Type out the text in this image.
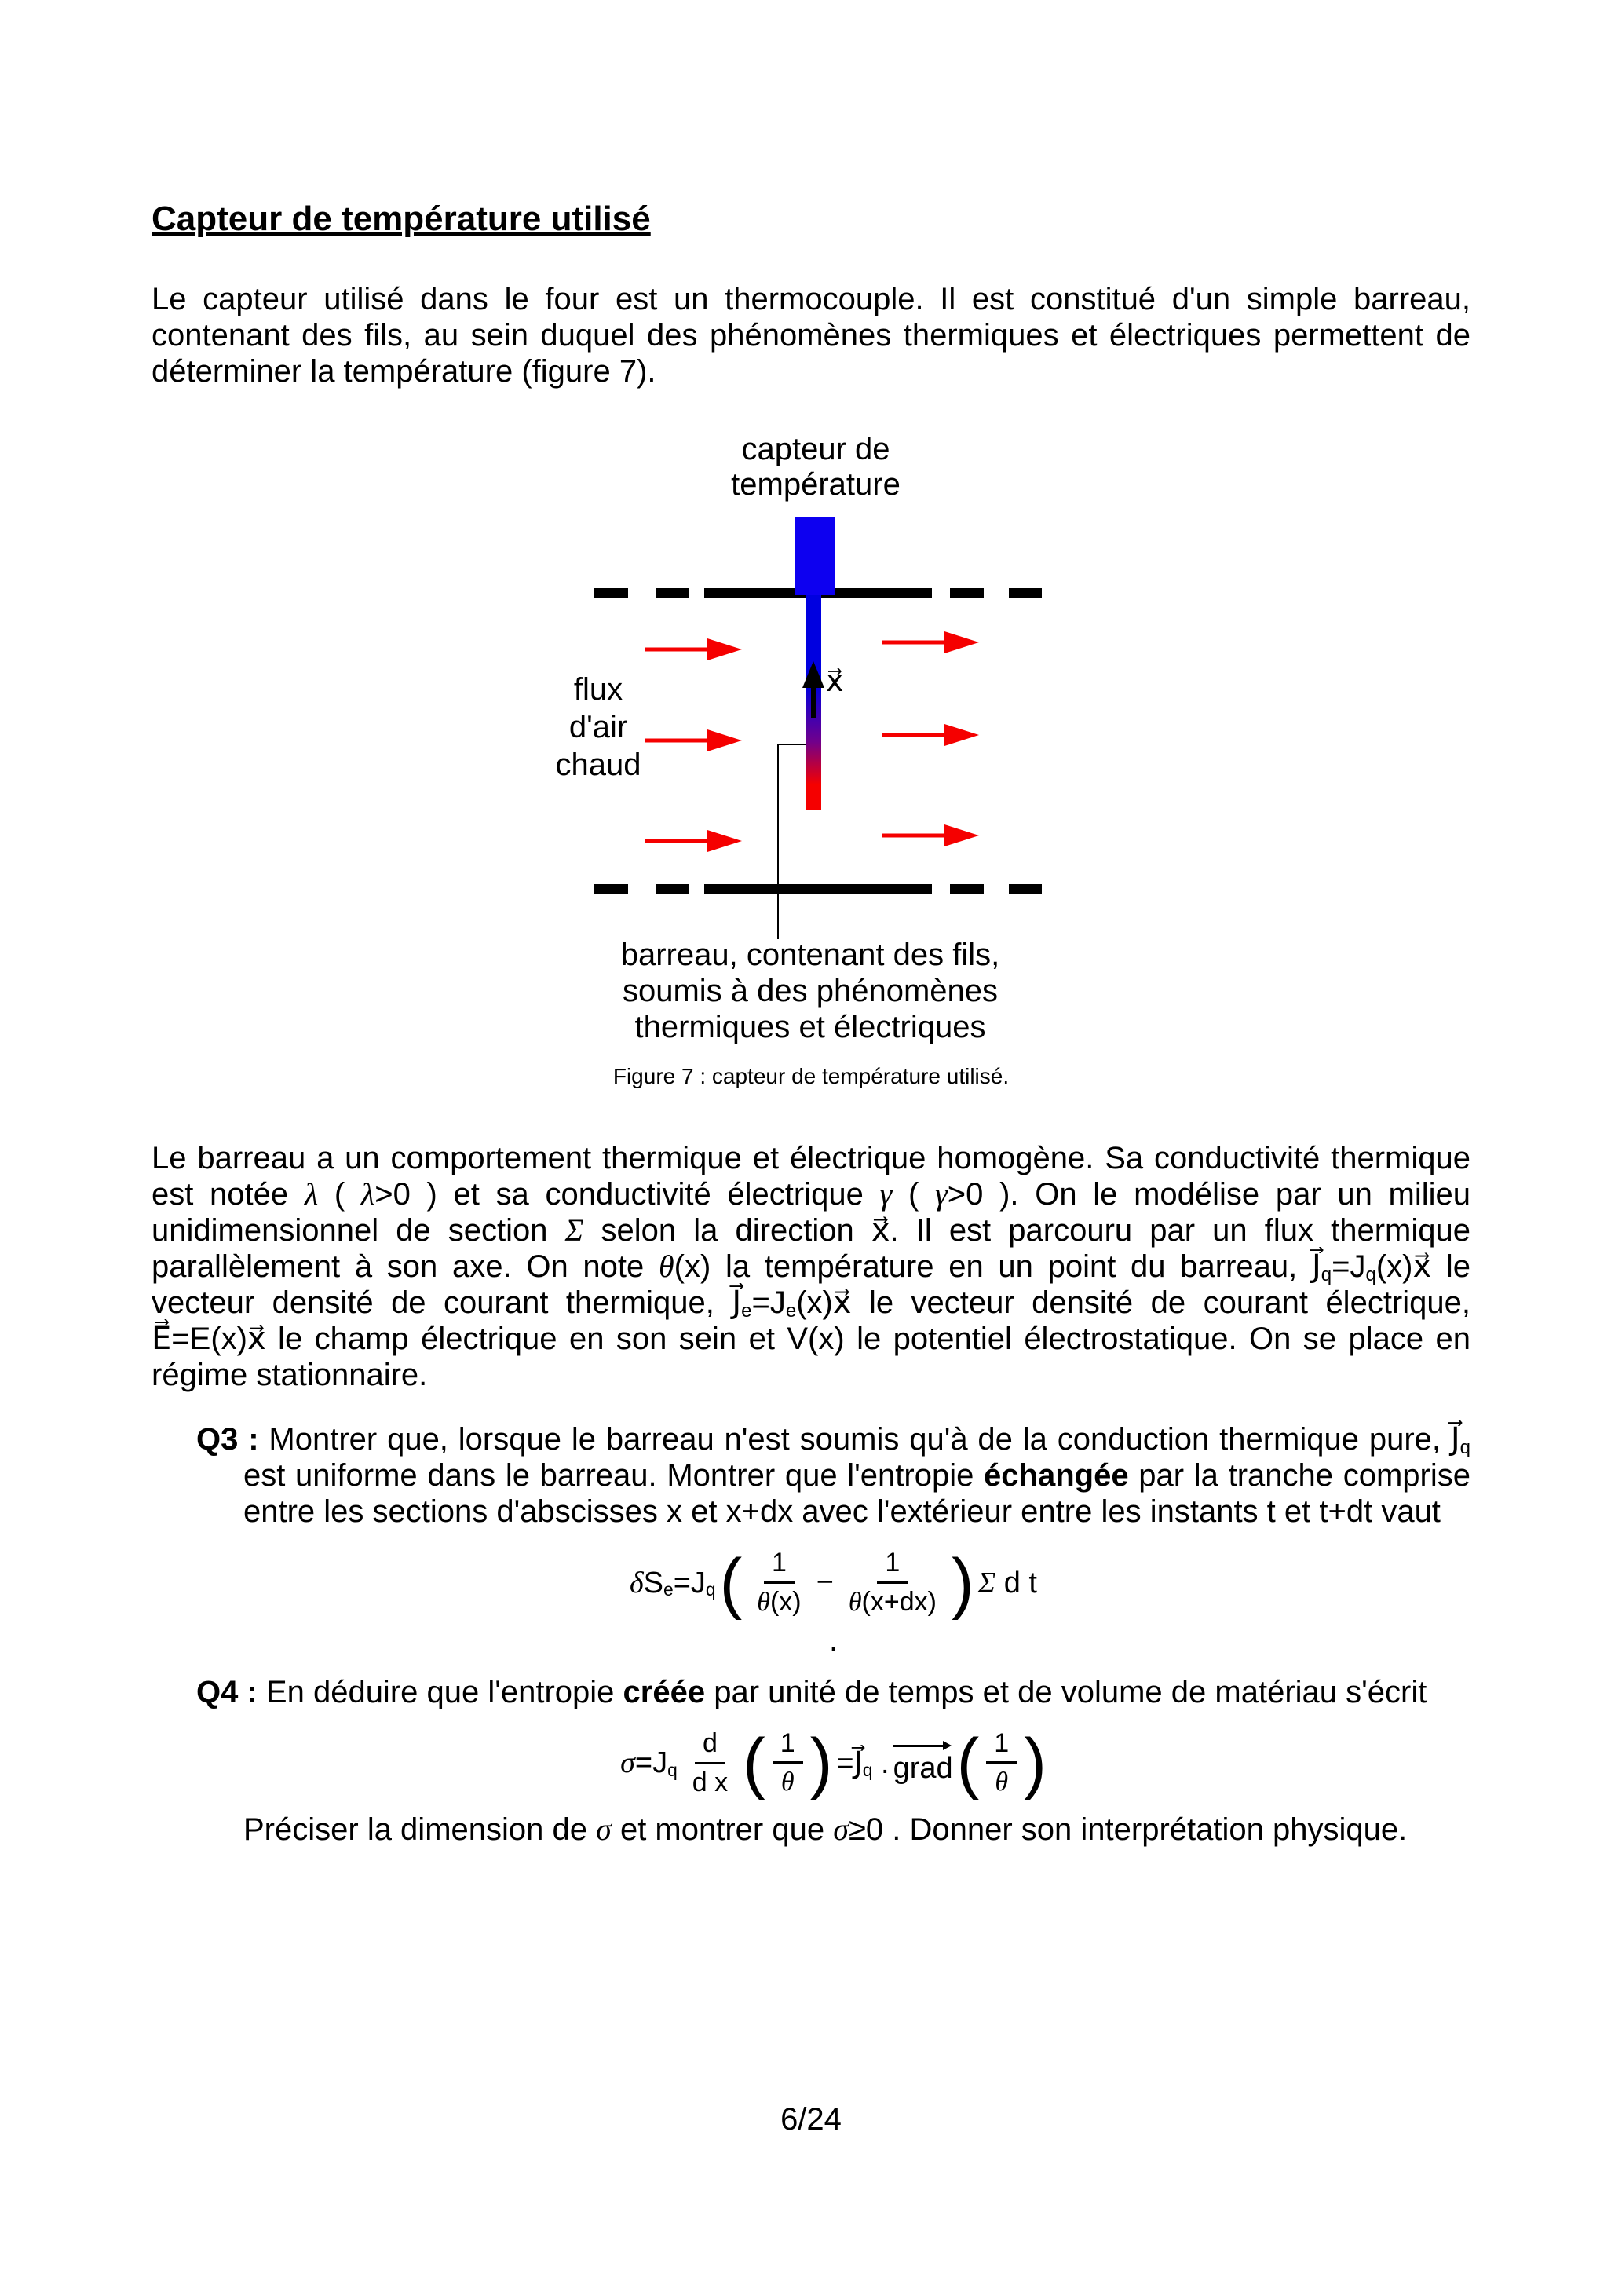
Capteur de température utilisé

Le capteur utilisé dans le four est un thermocouple. Il est constitué d'un simple barreau, contenant des fils, au sein duquel des phénomènes thermiques et électriques permettent de déterminer la température (figure 7).

capteur de
température
flux
d'air
chaud
x⃗
barreau, contenant des fils,
soumis à des phénomènes
thermiques et électriques
Figure 7 : capteur de température utilisé.

Le barreau a un comportement thermique et électrique homogène. Sa conductivité thermique est notée λ ( λ>0 ) et sa conductivité électrique γ ( γ>0 ). On le modélise par un milieu unidimensionnel de section Σ selon la direction x⃗. Il est parcouru par un flux thermique parallèlement à son axe. On note θ(x) la température en un point du barreau, $J⃗_q=J_q(x)x⃗$ le vecteur densité de courant thermique, $J⃗_e=J_e(x)x⃗$ le vecteur densité de courant électrique, E⃗=E(x)x⃗ le champ électrique en son sein et V(x) le potentiel électrostatique. On se place en régime stationnaire.

Q3 : Montrer que, lorsque le barreau n'est soumis qu'à de la conduction thermique pure, $J⃗_q$ est uniforme dans le barreau. Montrer que l'entropie échangée par la tranche comprise entre les sections d'abscisses x et x+dx avec l'extérieur entre les instants t et t+dt vaut

$\delta S_e=J_q$ ( $\frac{1}{\theta(x)} - \frac{1}{\theta(x+dx)}$ ) Σ d t
.

Q4 : En déduire que l'entropie créée par unité de temps et de volume de matériau s'écrit

$\sigma=J_q \frac{d}{\text{d x}}$ ( $\frac{1}{\theta}$ ) $=J⃗_q$ . grad ( $\frac{1}{\theta}$ )

Préciser la dimension de σ et montrer que σ≥0 . Donner son interprétation physique.

6/24
